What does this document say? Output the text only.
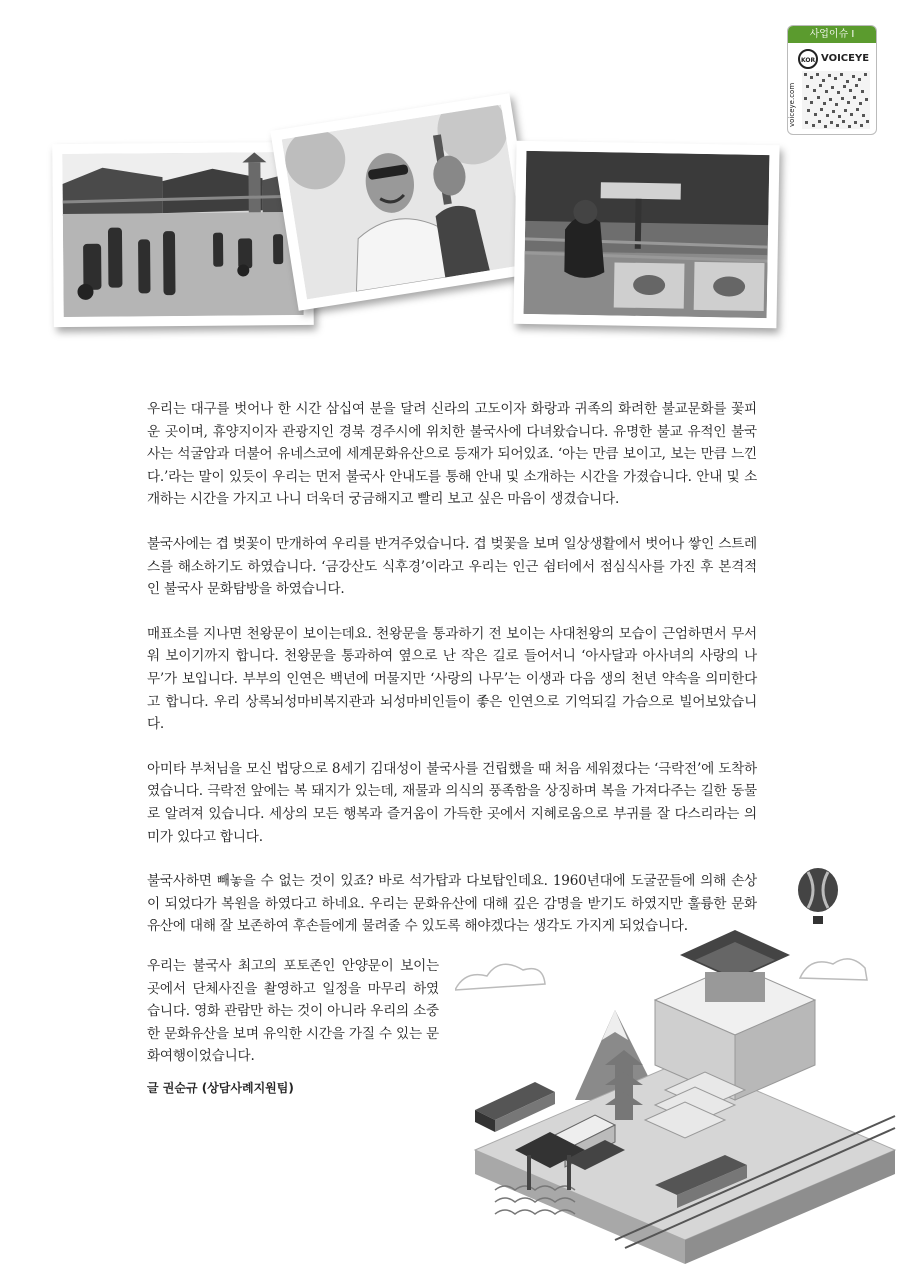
사업이슈 I
voiceye.com
KOR VOICEYE

우리는 대구를 벗어나 한 시간 삼십여 분을 달려 신라의 고도이자 화랑과 귀족의 화려한 불교문화를 꽃피운 곳이며, 휴양지이자 관광지인 경북 경주시에 위치한 불국사에 다녀왔습니다. 유명한 불교 유적인 불국사는 석굴암과 더불어 유네스코에 세계문화유산으로 등재가 되어있죠. ‘아는 만큼 보이고, 보는 만큼 느낀다.’라는 말이 있듯이 우리는 먼저 불국사 안내도를 통해 안내 및 소개하는 시간을 가졌습니다. 안내 및 소개하는 시간을 가지고 나니 더욱더 궁금해지고 빨리 보고 싶은 마음이 생겼습니다.

불국사에는 겹 벚꽃이 만개하여 우리를 반겨주었습니다. 겹 벚꽃을 보며 일상생활에서 벗어나 쌓인 스트레스를 해소하기도 하였습니다. ‘금강산도 식후경’이라고 우리는 인근 쉼터에서 점심식사를 가진 후 본격적인 불국사 문화탐방을 하였습니다.

매표소를 지나면 천왕문이 보이는데요. 천왕문을 통과하기 전 보이는 사대천왕의 모습이 근엄하면서 무서워 보이기까지 합니다. 천왕문을 통과하여 옆으로 난 작은 길로 들어서니 ‘아사달과 아사녀의 사랑의 나무’가 보입니다. 부부의 인연은 백년에 머물지만 ‘사랑의 나무’는 이생과 다음 생의 천년 약속을 의미한다고 합니다. 우리 상록뇌성마비복지관과 뇌성마비인들이 좋은 인연으로 기억되길 가슴으로 빌어보았습니다.

아미타 부처님을 모신 법당으로 8세기 김대성이 불국사를 건립했을 때 처음 세워졌다는 ‘극락전’에 도착하였습니다. 극락전 앞에는 복 돼지가 있는데, 재물과 의식의 풍족함을 상징하며 복을 가져다주는 길한 동물로 알려져 있습니다. 세상의 모든 행복과 즐거움이 가득한 곳에서 지혜로움으로 부귀를 잘 다스리라는 의미가 있다고 합니다.

불국사하면 빼놓을 수 없는 것이 있죠? 바로 석가탑과 다보탑인데요. 1960년대에 도굴꾼들에 의해 손상이 되었다가 복원을 하였다고 하네요. 우리는 문화유산에 대해 깊은 감명을 받기도 하였지만 훌륭한 문화유산에 대해 잘 보존하여 후손들에게 물려줄 수 있도록 해야겠다는 생각도 가지게 되었습니다.

우리는 불국사 최고의 포토존인 안양문이 보이는 곳에서 단체사진을 촬영하고 일정을 마무리 하였습니다. 영화 관람만 하는 것이 아니라 우리의 소중한 문화유산을 보며 유익한 시간을 가질 수 있는 문화여행이었습니다.

글 권순규 (상담사례지원팀)
